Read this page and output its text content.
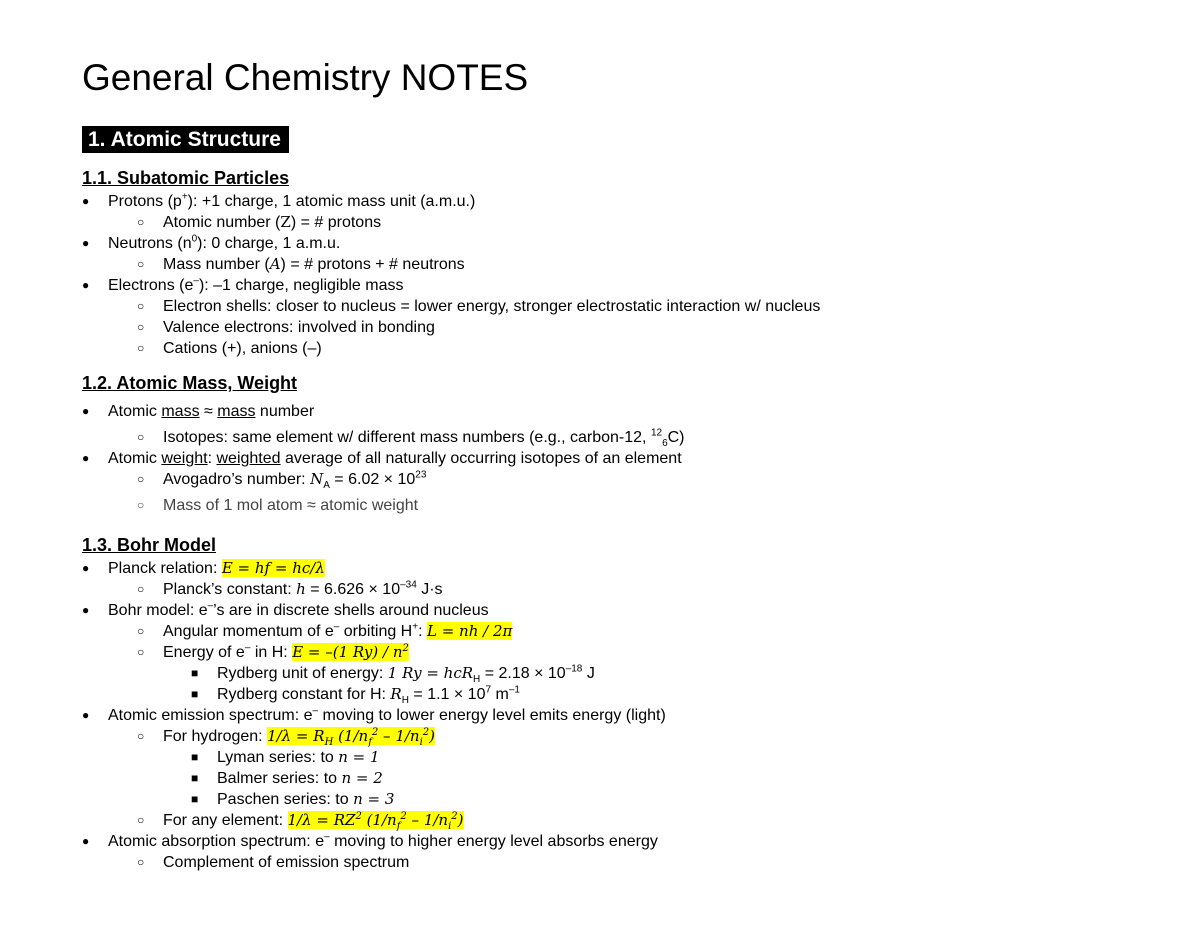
General Chemistry NOTES
1. Atomic Structure
1.1. Subatomic Particles
● Protons (p+): +1 charge, 1 atomic mass unit (a.m.u.)
○ Atomic number (Z) = # protons
● Neutrons $(n^0)$: 0 charge, 1 a.m.u.
○ Mass number (A) = # protons + # neutrons
● Electrons (e–): –1 charge, negligible mass
○ Electron shells: closer to nucleus = lower energy, stronger electrostatic interaction w/ nucleus
○ Valence electrons: involved in bonding
○ Cations (+), anions (–)
1.2. Atomic Mass, Weight
● Atomic mass ≈ mass number
○ Isotopes: same element w/ different mass numbers (e.g., carbon-12, $^{12}_6$C)
● Atomic weight: weighted average of all naturally occurring isotopes of an element
○ Avogadro’s number: $N_A = 6.02 \times 10^{23}$
○ Mass of 1 mol atom ≈ atomic weight
1.3. Bohr Model
● Planck relation: E = hf = hc/λ
○ Planck’s constant: $h = 6.626 \times 10^{-34}$ J·s
● Bohr model: e–’s are in discrete shells around nucleus
○ Angular momentum of e– orbiting H+: L = nh / 2π
○ Energy of e– in H: E = –(1 $Ry) / n^2$
■ Rydberg unit of energy: 1 $Ry = hcR_H = 2.18 \times 10^{-18}$ J
■ Rydberg constant for H: $R_H = 1.1 \times 10^7$ $m^{-1}$
● Atomic emission spectrum: e– moving to lower energy level emits energy (light)
○ For hydrogen: $1/\lambda = R_H$ $(1/n_f^2 - 1/n_i^2)$
■ Lyman series: to n = 1
■ Balmer series: to n = 2
■ Paschen series: to n = 3
○ For any element: $1/\lambda = RZ^2$ $(1/n_f^2 - 1/n_i^2)$
● Atomic absorption spectrum: e– moving to higher energy level absorbs energy
○ Complement of emission spectrum
